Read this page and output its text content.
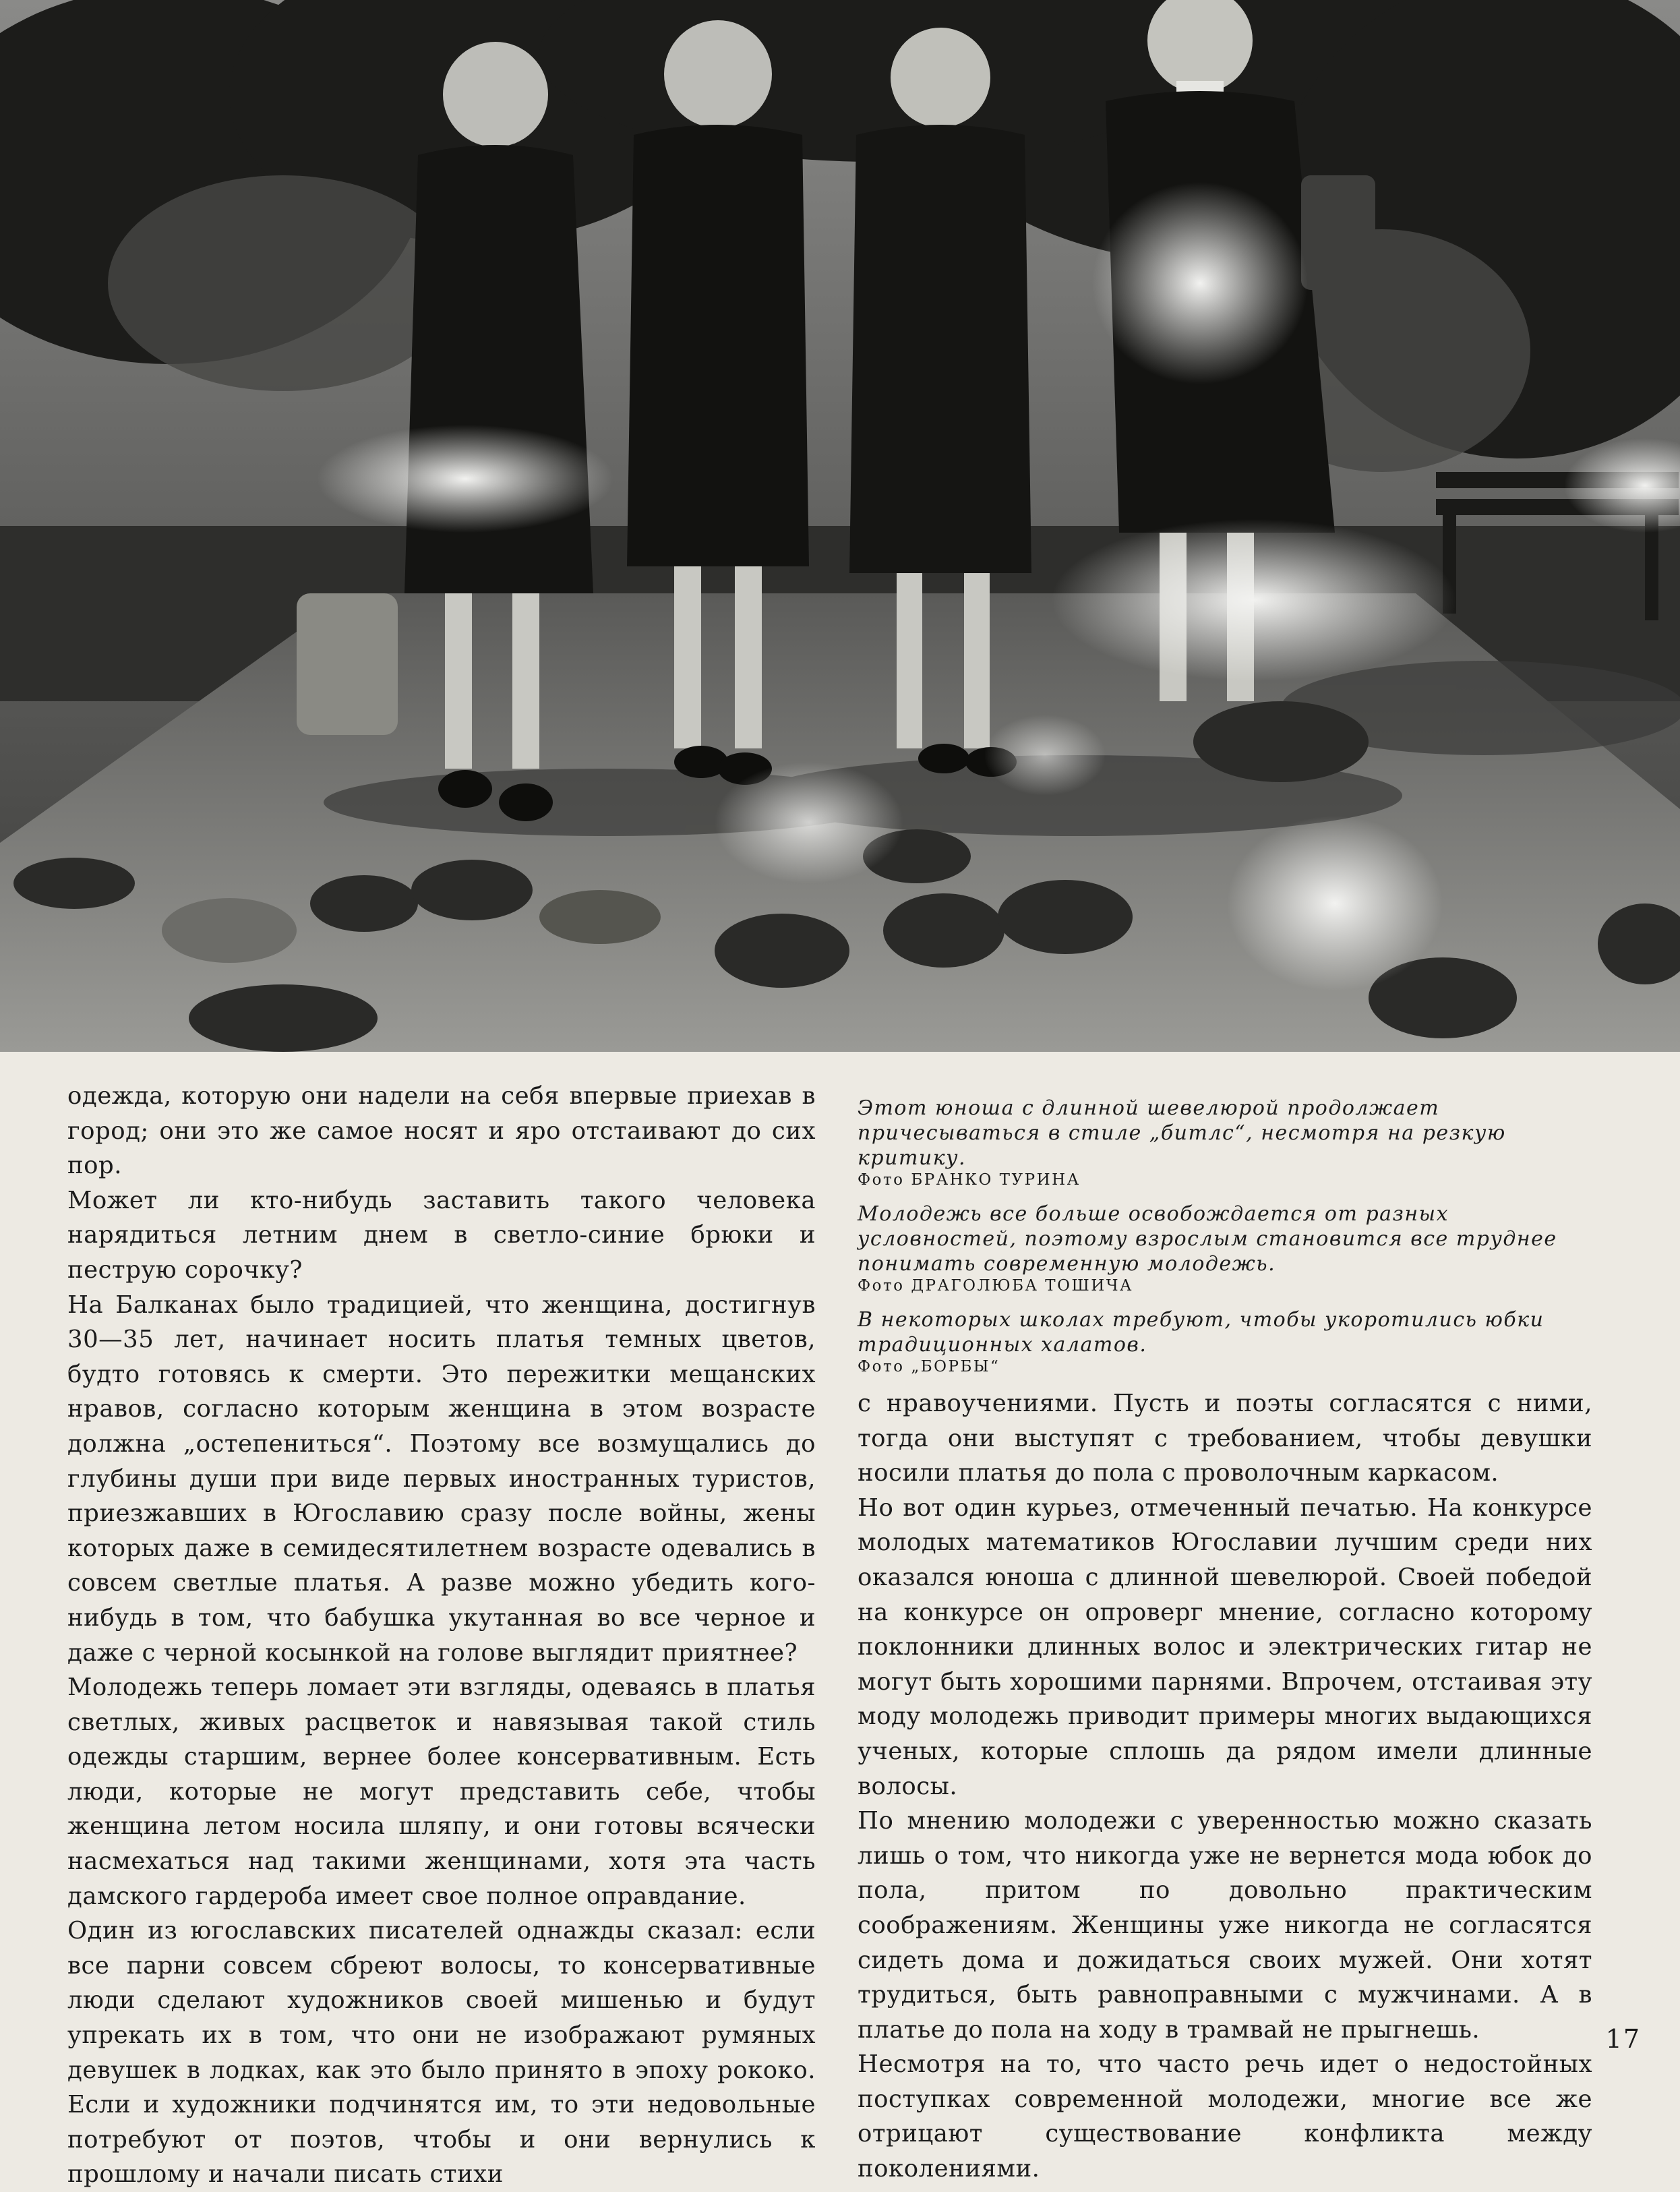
одежда, которую они надели на себя впервые приехав в город; они это же самое носят и яро отстаивают до сих пор.

Может ли кто-нибудь заставить такого человека нарядиться летним днем в светло-синие брюки и пеструю сорочку?

На Балканах было традицией, что женщина, достигнув 30—35 лет, начинает носить платья темных цветов, будто готовясь к смерти. Это пережитки мещанских нравов, согласно которым женщина в этом возрасте должна „остепениться“. Поэтому все возмущались до глубины души при виде первых иностранных туристов, приезжавших в Югославию сразу после войны, жены которых даже в семидесятилетнем возрасте одевались в совсем светлые платья. А разве можно убедить кого-нибудь в том, что бабушка укутанная во все черное и даже с черной косынкой на голове выглядит приятнее?

Молодежь теперь ломает эти взгляды, одеваясь в платья светлых, живых расцветок и навязывая такой стиль одежды старшим, вернее более консервативным. Есть люди, которые не могут представить себе, чтобы женщина летом носила шляпу, и они готовы всячески насмехаться над такими женщинами, хотя эта часть дамского гардероба имеет свое полное оправдание.

Один из югославских писателей однажды сказал: если все парни совсем сбреют волосы, то консервативные люди сделают художников своей мишенью и будут упрекать их в том, что они не изображают румяных девушек в лодках, как это было принято в эпоху рококо. Если и художники подчинятся им, то эти недовольные потребуют от поэтов, чтобы и они вернулись к прошлому и начали писать стихи

Этот юноша с длинной шевелюрой продолжает причесываться в стиле „битлс“, несмотря на резкую критику.
Фото БРАНКО ТУРИНА
Молодежь все больше освобождается от разных условностей, поэтому взрослым становится все труднее понимать современную молодежь.
Фото ДРАГОЛЮБА ТОШИЧА
В некоторых школах требуют, чтобы укоротились юбки традиционных халатов.
Фото „БОРБЫ“

с нравоучениями. Пусть и поэты согласятся с ними, тогда они выступят с требованием, чтобы девушки носили платья до пола с проволочным каркасом.

Но вот один курьез, отмеченный печатью. На конкурсе молодых математиков Югославии лучшим среди них оказался юноша с длинной шевелюрой. Своей победой на конкурсе он опроверг мнение, согласно которому поклонники длинных волос и электрических гитар не могут быть хорошими парнями. Впрочем, отстаивая эту моду молодежь приводит примеры многих выдающихся ученых, которые сплошь да рядом имели длинные волосы.

По мнению молодежи с уверенностью можно сказать лишь о том, что никогда уже не вернется мода юбок до пола, притом по довольно практическим соображениям. Женщины уже никогда не согласятся сидеть дома и дожидаться своих мужей. Они хотят трудиться, быть равноправными с мужчинами. А в платье до пола на ходу в трамвай не прыгнешь.

Несмотря на то, что часто речь идет о недостойных поступках современной молодежи, многие все же отрицают существование конфликта между поколениями.

17
